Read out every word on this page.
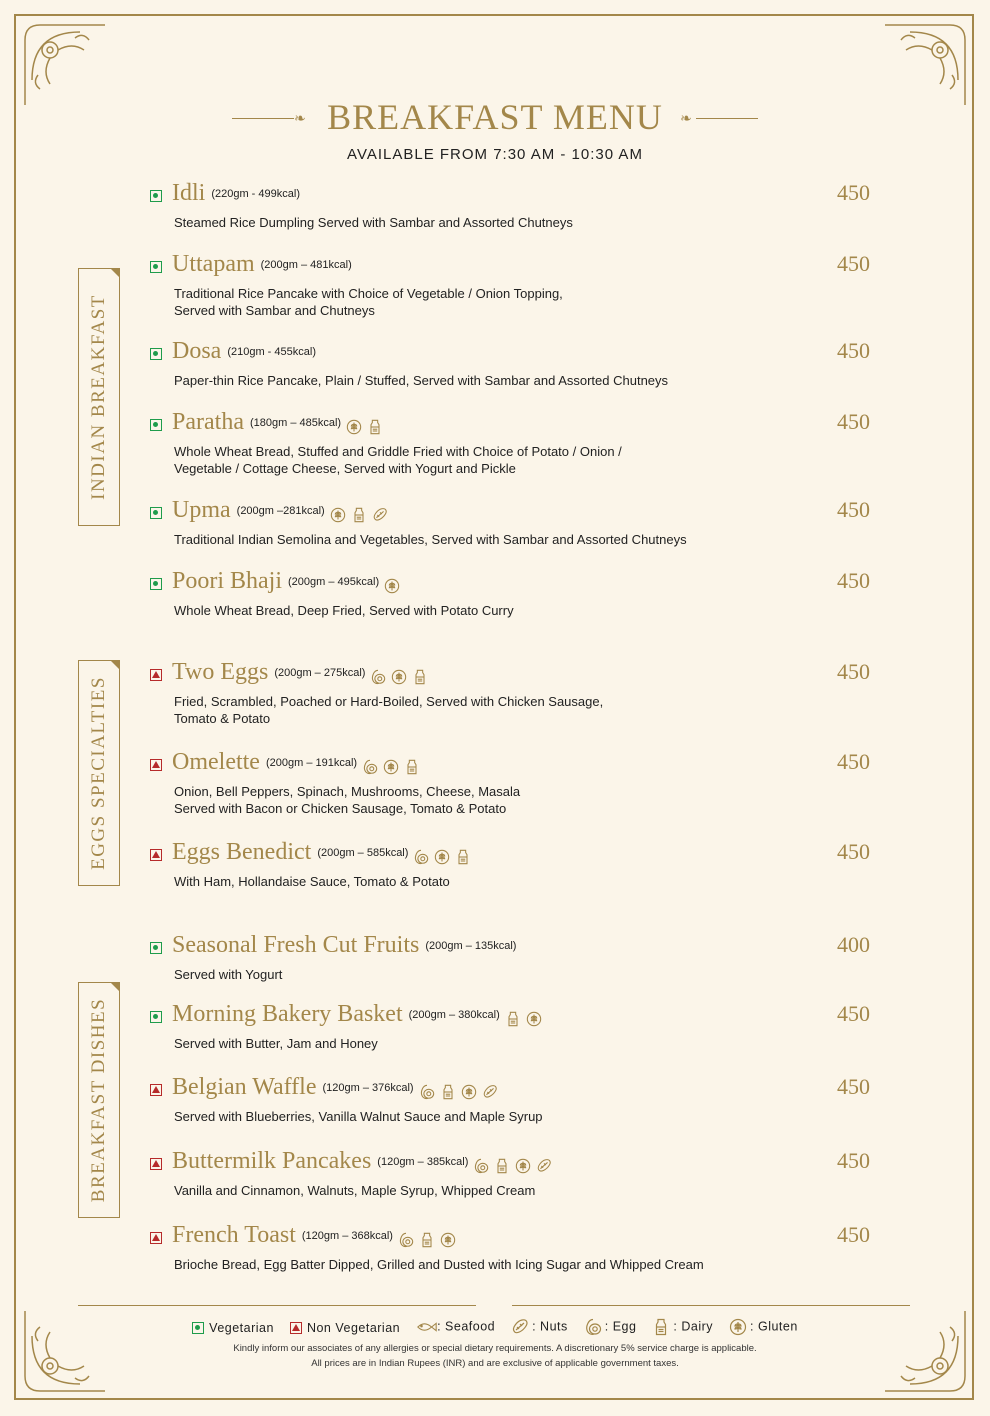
❧ BREAKFAST MENU	❧
AVAILABLE FROM 7:30 AM - 10:30 AM
INDIAN BREAKFAST
EGGS SPECIALTIES
BREAKFAST DISHES
Idli (220gm - 499kcal)	450
Steamed Rice Dumpling Served with Sambar and Assorted Chutneys
Uttapam (200gm – 481kcal)	450
Traditional Rice Pancake with Choice of Vegetable / Onion Topping,
Served with Sambar and Chutneys
Dosa (210gm - 455kcal)	450
Paper-thin Rice Pancake, Plain / Stuffed, Served with Sambar and Assorted Chutneys
Paratha (180gm – 485kcal)	450
Whole Wheat Bread, Stuffed and Griddle Fried with Choice of Potato / Onion /
Vegetable / Cottage Cheese, Served with Yogurt and Pickle
Upma (200gm –281kcal)	450
Traditional Indian Semolina and Vegetables, Served with Sambar and Assorted Chutneys
Poori Bhaji (200gm – 495kcal)	450
Whole Wheat Bread, Deep Fried, Served with Potato Curry
Two Eggs (200gm – 275kcal)	450
Fried, Scrambled, Poached or Hard-Boiled, Served with Chicken Sausage,
Tomato & Potato
Omelette (200gm – 191kcal)	450
Onion, Bell Peppers, Spinach, Mushrooms, Cheese, Masala
Served with Bacon or Chicken Sausage, Tomato & Potato
Eggs Benedict (200gm – 585kcal)	450
With Ham, Hollandaise Sauce, Tomato & Potato
Seasonal Fresh Cut Fruits (200gm – 135kcal)	400
Served with Yogurt
Morning Bakery Basket (200gm – 380kcal)	450
Served with Butter, Jam and Honey
Belgian Waffle (120gm – 376kcal)	450
Served with Blueberries, Vanilla Walnut Sauce and Maple Syrup
Buttermilk Pancakes (120gm – 385kcal)	450
Vanilla and Cinnamon, Walnuts, Maple Syrup, Whipped Cream
French Toast (120gm – 368kcal)	450
Brioche Bread, Egg Batter Dipped, Grilled and Dusted with Icing Sugar and Whipped Cream
Vegetarian	Non Vegetarian	: Seafood	: Nuts	: Egg	: Dairy	: Gluten
Kindly inform our associates of any allergies or special dietary requirements. A discretionary 5% service charge is applicable.
All prices are in Indian Rupees (INR) and are exclusive of applicable government taxes.
